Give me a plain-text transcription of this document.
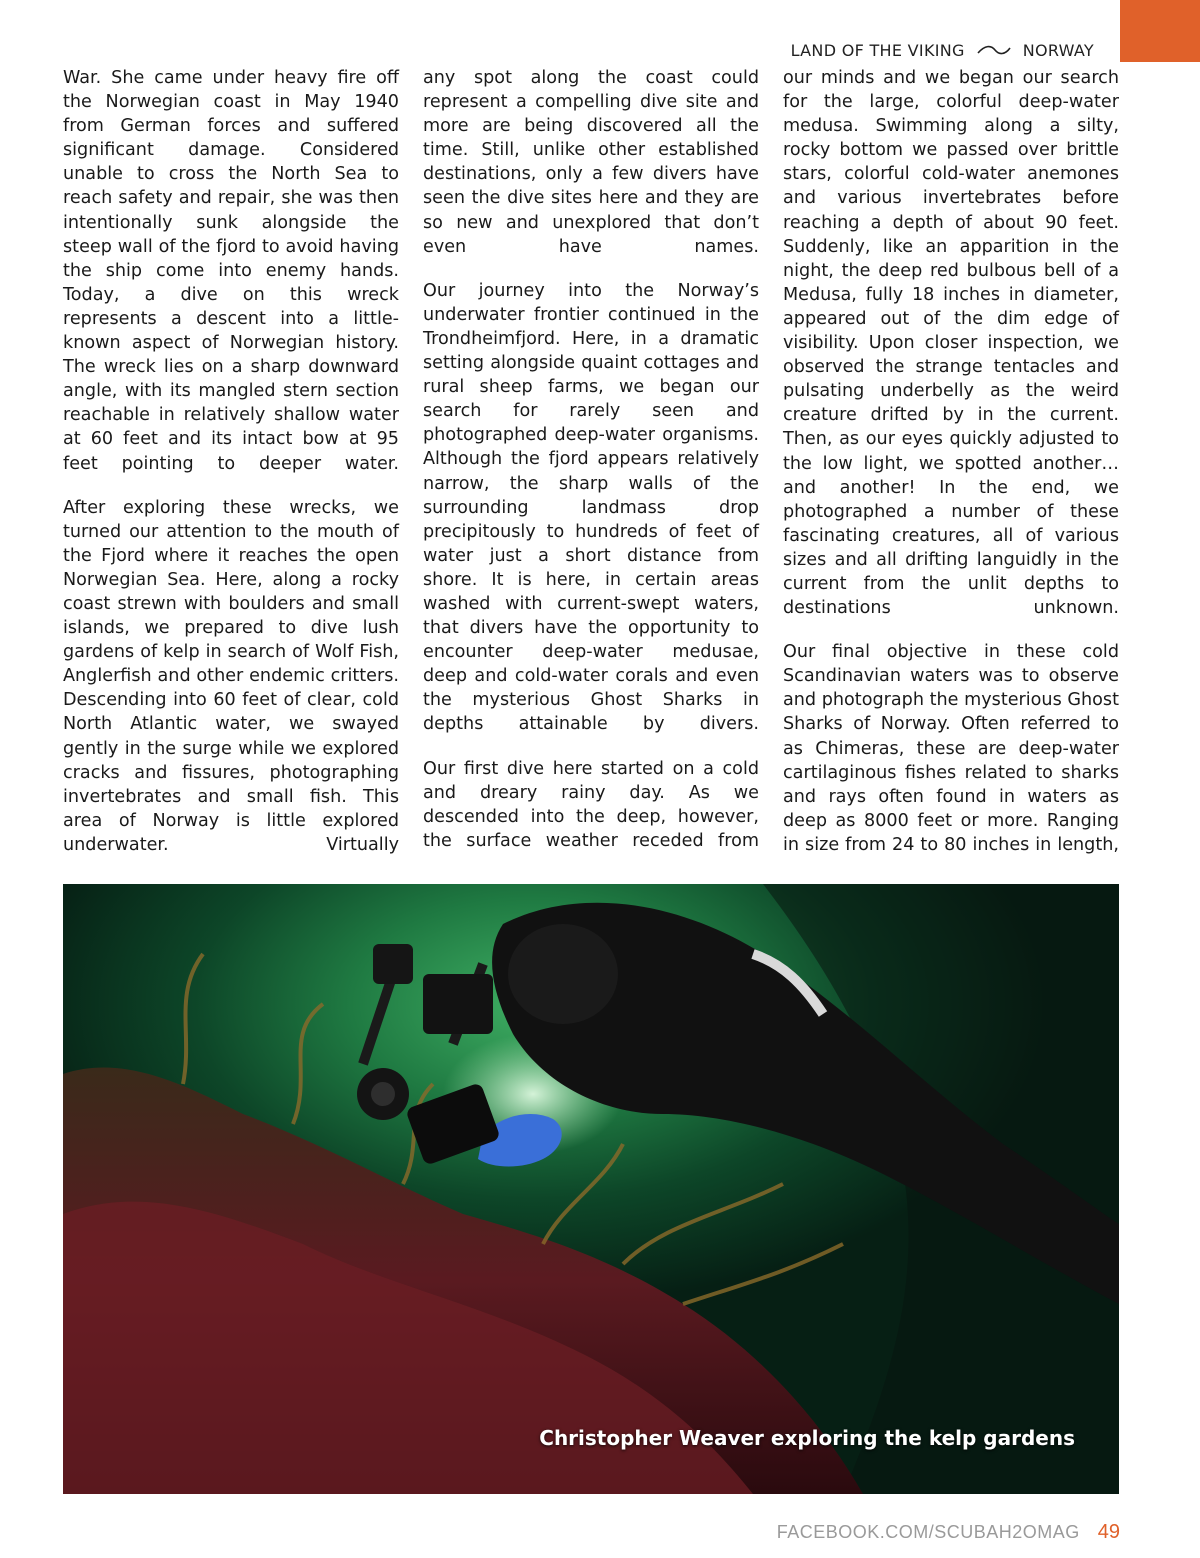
LAND OF THE VIKING	NORWAY

War. She came under heavy fire off the Norwegian coast in May 1940 from German forces and suffered significant damage. Considered unable to cross the North Sea to reach safety and repair, she was then intentionally sunk alongside the steep wall of the fjord to avoid having the ship come into enemy hands. Today, a dive on this wreck represents a descent into a little-known aspect of Norwegian history. The wreck lies on a sharp downward angle, with its mangled stern section reachable in relatively shallow water at 60 feet and its intact bow at 95 feet pointing to deeper water.

After exploring these wrecks, we turned our attention to the mouth of the Fjord where it reaches the open Norwegian Sea. Here, along a rocky coast strewn with boulders and small islands, we prepared to dive lush gardens of kelp in search of Wolf Fish, Anglerfish and other endemic critters. Descending into 60 feet of clear, cold North Atlantic water, we swayed gently in the surge while we explored cracks and fissures, photographing invertebrates and small fish. This area of Norway is little explored underwater. Virtually

any spot along the coast could represent a compelling dive site and more are being discovered all the time. Still, unlike other established destinations, only a few divers have seen the dive sites here and they are so new and unexplored that don’t even have names.

Our journey into the Norway’s underwater frontier continued in the Trondheimfjord. Here, in a dramatic setting alongside quaint cottages and rural sheep farms, we began our search for rarely seen and photographed deep-water organisms. Although the fjord appears relatively narrow, the sharp walls of the surrounding landmass drop precipitously to hundreds of feet of water just a short distance from shore. It is here, in certain areas washed with current-swept waters, that divers have the opportunity to encounter deep-water medusae, deep and cold-water corals and even the mysterious Ghost Sharks in depths attainable by divers.

Our first dive here started on a cold and dreary rainy day. As we descended into the deep, however, the surface weather receded from

our minds and we began our search for the large, colorful deep-water medusa. Swimming along a silty, rocky bottom we passed over brittle stars, colorful cold-water anemones and various invertebrates before reaching a depth of about 90 feet. Suddenly, like an apparition in the night, the deep red bulbous bell of a Medusa, fully 18 inches in diameter, appeared out of the dim edge of visibility. Upon closer inspection, we observed the strange tentacles and pulsating underbelly as the weird creature drifted by in the current. Then, as our eyes quickly adjusted to the low light, we spotted another…and another! In the end, we photographed a number of these fascinating creatures, all of various sizes and all drifting languidly in the current from the unlit depths to destinations unknown.

Our final objective in these cold Scandinavian waters was to observe and photograph the mysterious Ghost Sharks of Norway. Often referred to as Chimeras, these are deep-water cartilaginous fishes related to sharks and rays often found in waters as deep as 8000 feet or more. Ranging in size from 24 to 80 inches in length,

Christopher Weaver exploring the kelp gardens
FACEBOOK.COM/SCUBAH2OMAG 49
